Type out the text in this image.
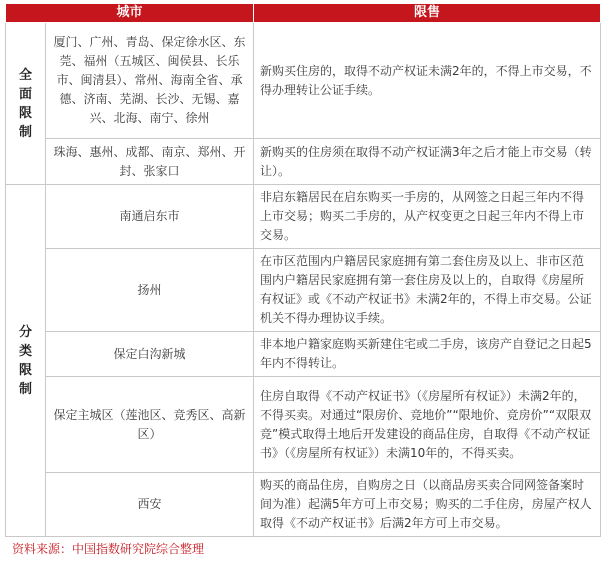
城市		限售
全面限制	厦门、广州、青岛、保定徐水区、东莞、福州（五城区、闽侯县、长乐市、闽清县）、常州、海南全省、承德、济南、芜湖、长沙、无锡、嘉兴、北海、南宁、徐州	新购买住房的，取得不动产权证未满2年的，不得上市交易，不得办理转让公证手续。
	珠海、惠州、成都、南京、郑州、开封、张家口	新购买的住房须在取得不动产权证满3年之后才能上市交易（转让）。
分类限制	南通启东市	非启东籍居民在启东购买一手房的，从网签之日起三年内不得上市交易；购买二手房的，从产权变更之日起三年内不得上市交易。
	扬州	在市区范围内户籍居民家庭拥有第二套住房及以上、非市区范围内户籍居民家庭拥有第一套住房及以上的，自取得《房屋所有权证》或《不动产权证书》未满2年的，不得上市交易。公证机关不得办理协议手续。
	保定白沟新城	非本地户籍家庭购买新建住宅或二手房，该房产自登记之日起5年内不得转让。
	保定主城区（莲池区、竞秀区、高新区）	住房自取得《不动产权证书》（《房屋所有权证》）未满2年的，不得买卖。对通过“限房价、竞地价”“限地价、竞房价”“双限双竞”模式取得土地后开发建设的商品住房，自取得《不动产权证书》（《房屋所有权证》）未满10年的，不得买卖。
	西安	购买的商品住房，自购房之日（以商品房买卖合同网签备案时间为准）起满5年方可上市交易；购买的二手住房，房屋产权人取得《不动产权证书》后满2年方可上市交易。
资料来源：中国指数研究院综合整理
